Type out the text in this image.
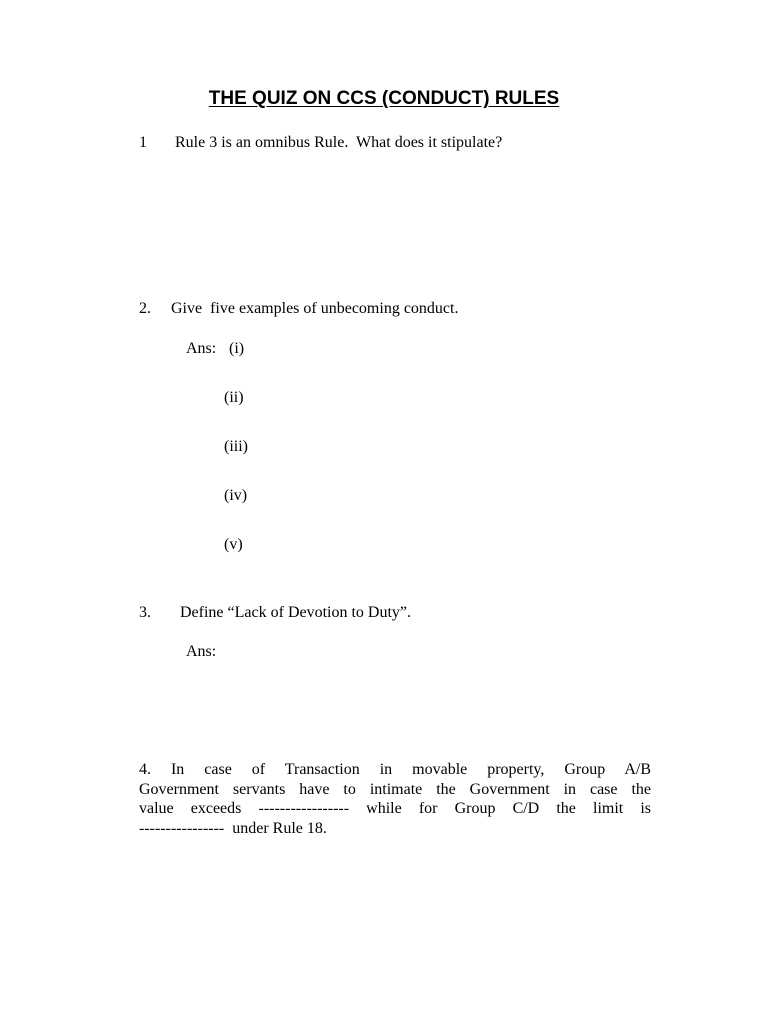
THE QUIZ ON CCS (CONDUCT) RULES
1 Rule 3 is an omnibus Rule.  What does it stipulate?
2. Give  five examples of unbecoming conduct.
Ans: (i)
(ii)
(iii)
(iv)
(v)
3. Define “Lack of Devotion to Duty”.
Ans:
4. In case of Transaction in movable property, Group A/B
Government servants have to intimate the Government in case the
value exceeds ----------------- while for Group C/D the limit is
----------------  under Rule 18.
